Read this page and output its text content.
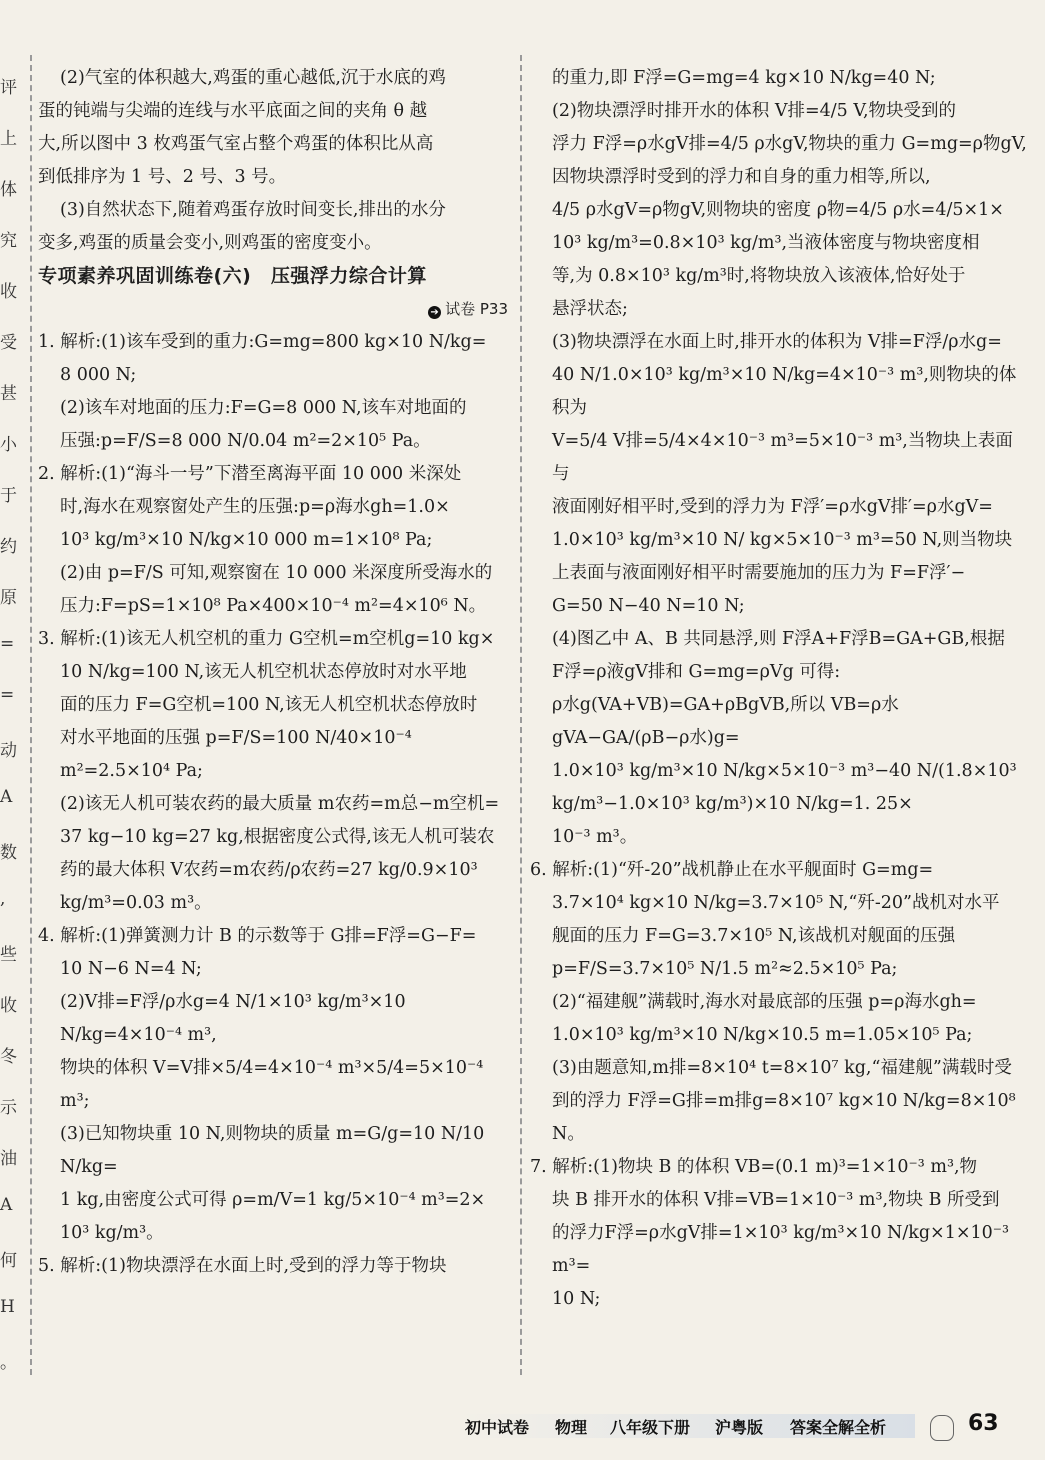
评
上
体
究
收
受
甚
小
于
约
原
=
=
动
A
数
,
些
收
冬
示
油
A
何
H
。

(2)气室的体积越大,鸡蛋的重心越低,沉于水底的鸡

蛋的钝端与尖端的连线与水平底面之间的夹角 θ 越

大,所以图中 3 枚鸡蛋气室占整个鸡蛋的体积比从高

到低排序为 1 号、2 号、3 号。

(3)自然状态下,随着鸡蛋存放时间变长,排出的水分

变多,鸡蛋的质量会变小,则鸡蛋的密度变小。

专项素养巩固训练卷(六)　压强浮力综合计算

➔ 试卷 P33

1. 解析:(1)该车受到的重力:G=mg=800 kg×10 N/kg=

8 000 N;

(2)该车对地面的压力:F=G=8 000 N,该车对地面的

压强:p=F/S=8 000 N/0.04 m²=2×10⁵ Pa。

2. 解析:(1)“海斗一号”下潜至离海平面 10 000 米深处

时,海水在观察窗处产生的压强:p=ρ海水gh=1.0×

10³ kg/m³×10 N/kg×10 000 m=1×10⁸ Pa;

(2)由 p=F/S 可知,观察窗在 10 000 米深度所受海水的

压力:F=pS=1×10⁸ Pa×400×10⁻⁴ m²=4×10⁶ N。

3. 解析:(1)该无人机空机的重力 G空机=m空机g=10 kg×

10 N/kg=100 N,该无人机空机状态停放时对水平地

面的压力 F=G空机=100 N,该无人机空机状态停放时

对水平地面的压强 p=F/S=100 N/40×10⁻⁴ m²=2.5×10⁴ Pa;

(2)该无人机可装农药的最大质量 m农药=m总−m空机=

37 kg−10 kg=27 kg,根据密度公式得,该无人机可装农

药的最大体积 V农药=m农药/ρ农药=27 kg/0.9×10³ kg/m³=0.03 m³。

4. 解析:(1)弹簧测力计 B 的示数等于 G排=F浮=G−F=

10 N−6 N=4 N;

(2)V排=F浮/ρ水g=4 N/1×10³ kg/m³×10 N/kg=4×10⁻⁴ m³,

物块的体积 V=V排×5/4=4×10⁻⁴ m³×5/4=5×10⁻⁴ m³;

(3)已知物块重 10 N,则物块的质量 m=G/g=10 N/10 N/kg=

1 kg,由密度公式可得 ρ=m/V=1 kg/5×10⁻⁴ m³=2×

10³ kg/m³。

5. 解析:(1)物块漂浮在水面上时,受到的浮力等于物块

的重力,即 F浮=G=mg=4 kg×10 N/kg=40 N;

(2)物块漂浮时排开水的体积 V排=4/5 V,物块受到的

浮力 F浮=ρ水gV排=4/5 ρ水gV,物块的重力 G=mg=ρ物gV,

因物块漂浮时受到的浮力和自身的重力相等,所以,

4/5 ρ水gV=ρ物gV,则物块的密度 ρ物=4/5 ρ水=4/5×1×

10³ kg/m³=0.8×10³ kg/m³,当液体密度与物块密度相

等,为 0.8×10³ kg/m³时,将物块放入该液体,恰好处于

悬浮状态;

(3)物块漂浮在水面上时,排开水的体积为 V排=F浮/ρ水g=

40 N/1.0×10³ kg/m³×10 N/kg=4×10⁻³ m³,则物块的体积为

V=5/4 V排=5/4×4×10⁻³ m³=5×10⁻³ m³,当物块上表面与

液面刚好相平时,受到的浮力为 F浮′=ρ水gV排′=ρ水gV=

1.0×10³ kg/m³×10 N/ kg×5×10⁻³ m³=50 N,则当物块

上表面与液面刚好相平时需要施加的压力为 F=F浮′−

G=50 N−40 N=10 N;

(4)图乙中 A、B 共同悬浮,则 F浮A+F浮B=GA+GB,根据

F浮=ρ液gV排和 G=mg=ρVg 可得:

ρ水g(VA+VB)=GA+ρBgVB,所以 VB=ρ水gVA−GA/(ρB−ρ水)g=

1.0×10³ kg/m³×10 N/kg×5×10⁻³ m³−40 N/(1.8×10³ kg/m³−1.0×10³ kg/m³)×10 N/kg=1. 25×

10⁻³ m³。

6. 解析:(1)“歼-20”战机静止在水平舰面时 G=mg=

3.7×10⁴ kg×10 N/kg=3.7×10⁵ N,“歼-20”战机对水平

舰面的压力 F=G=3.7×10⁵ N,该战机对舰面的压强

p=F/S=3.7×10⁵ N/1.5 m²≈2.5×10⁵ Pa;

(2)“福建舰”满载时,海水对最底部的压强 p=ρ海水gh=

1.0×10³ kg/m³×10 N/kg×10.5 m=1.05×10⁵ Pa;

(3)由题意知,m排=8×10⁴ t=8×10⁷ kg,“福建舰”满载时受

到的浮力 F浮=G排=m排g=8×10⁷ kg×10 N/kg=8×10⁸ N。

7. 解析:(1)物块 B 的体积 VB=(0.1 m)³=1×10⁻³ m³,物

块 B 排开水的体积 V排=VB=1×10⁻³ m³,物块 B 所受到

的浮力F浮=ρ水gV排=1×10³ kg/m³×10 N/kg×1×10⁻³ m³=

10 N;

初中试卷 物理 八年级下册 沪粤版 答案全解全析	63
